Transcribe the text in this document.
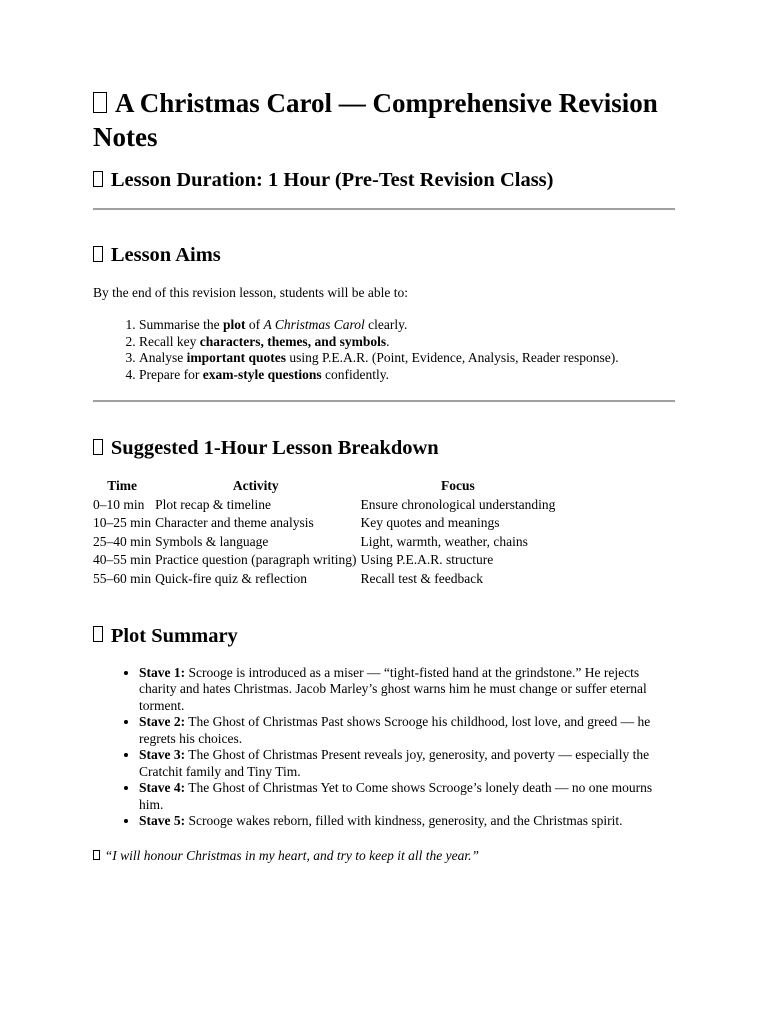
A Christmas Carol — Comprehensive Revision Notes
Lesson Duration: 1 Hour (Pre-Test Revision Class)
Lesson Aims

By the end of this revision lesson, students will be able to:

1. Summarise the plot of A Christmas Carol clearly.
2. Recall key characters, themes, and symbols.
3. Analyse important quotes using P.E.A.R. (Point, Evidence, Analysis, Reader response).
4. Prepare for exam-style questions confidently.
Suggested 1-Hour Lesson Breakdown
Time	Activity	Focus
0–10 min	Plot recap & timeline	Ensure chronological understanding
10–25 min	Character and theme analysis	Key quotes and meanings
25–40 min	Symbols & language	Light, warmth, weather, chains
40–55 min	Practice question (paragraph writing)	Using P.E.A.R. structure
55–60 min	Quick-fire quiz & reflection	Recall test & feedback
Plot Summary
• Stave 1: Scrooge is introduced as a miser — “tight-fisted hand at the grindstone.” He rejects charity and hates Christmas. Jacob Marley’s ghost warns him he must change or suffer eternal torment.
• Stave 2: The Ghost of Christmas Past shows Scrooge his childhood, lost love, and greed — he regrets his choices.
• Stave 3: The Ghost of Christmas Present reveals joy, generosity, and poverty — especially the Cratchit family and Tiny Tim.
• Stave 4: The Ghost of Christmas Yet to Come shows Scrooge’s lonely death — no one mourns him.
• Stave 5: Scrooge wakes reborn, filled with kindness, generosity, and the Christmas spirit.

“I will honour Christmas in my heart, and try to keep it all the year.”
